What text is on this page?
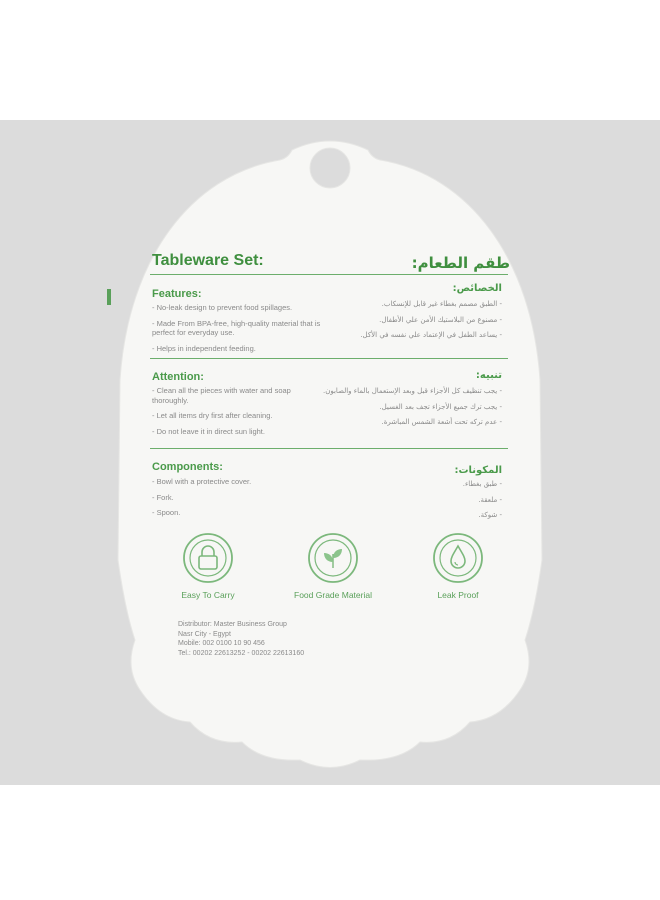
Tableware Set:	طقم الطعام:
Features:	الخصائص:
- No-leak design to prevent food spillages.
- Made From BPA-free, high-quality material that is perfect for everyday use.
- Helps in independent feeding.
- الطبق مصمم بغطاء غير قابل للإنسكاب.
- مصنوع من البلاستيك الأمن علي الأطفال.
- يساعد الطفل في الإعتماد علي نفسه في الأكل.
Attention:	تنبيه:
- Clean all the pieces with water and soap thoroughly.
- Let all items dry first after cleaning.
- Do not leave it in direct sun light.
- يجب تنظيف كل الأجزاء قبل وبعد الإستعمال بالماء والصابون.
- يجب ترك جميع الأجزاء تجف بعد الغسيل.
- عدم تركه تحت أشعة الشمس المباشرة.
Components:	المكونات:
- Bowl with a protective cover.
- Fork.
- Spoon.
- طبق بغطاء.
- ملعقة.
- شوكة.
Easy To Carry	Food Grade Material	Leak Proof
Distributor: Master Business Group
Nasr City - Egypt
Mobile: 002 0100 10 90 456
Tel.: 00202 22613252 - 00202 22613160
